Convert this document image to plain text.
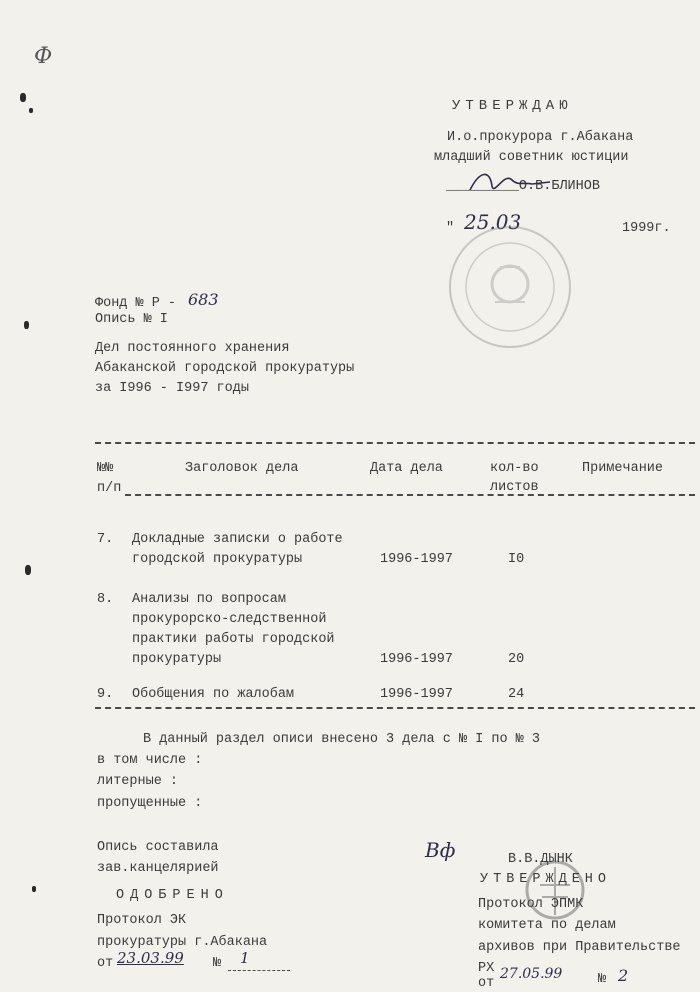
Ф
УТВЕРЖДАЮ
И.о.прокурора г.Абакана
младший советник юстиции
_________О.В.БЛИНОВ
" 25.03	1999г.
Фонд № Р - 683
Опись № I
Дел постоянного хранения
Абаканской городской прокуратуры
за I996 - I997 годы
№№	Заголовок дела	Дата дела	кол-во	Примечание
п/п	листов
7. Докладные записки о работе
городской прокуратуры	1996-1997	I0
8. Анализы по вопросам
прокурорско-следственной
практики работы городской
прокуратуры	1996-1997	20
9. Обобщения по жалобам	1996-1997	24
В данный раздел описи внесено 3 дела с № I по № 3
в том числе :
литерные :
пропущенные :
Опись составила
зав.канцелярией
Вф
ОДОБРЕНО
Протокол ЭК
прокуратуры г.Абакана
от 23.03.99 № 1
В.В.ДЫНК
УТВЕРЖДЕНО
Протокол ЭПМК
комитета по делам
архивов при Правительстве
РХ
от
27.05.99	№ 2
